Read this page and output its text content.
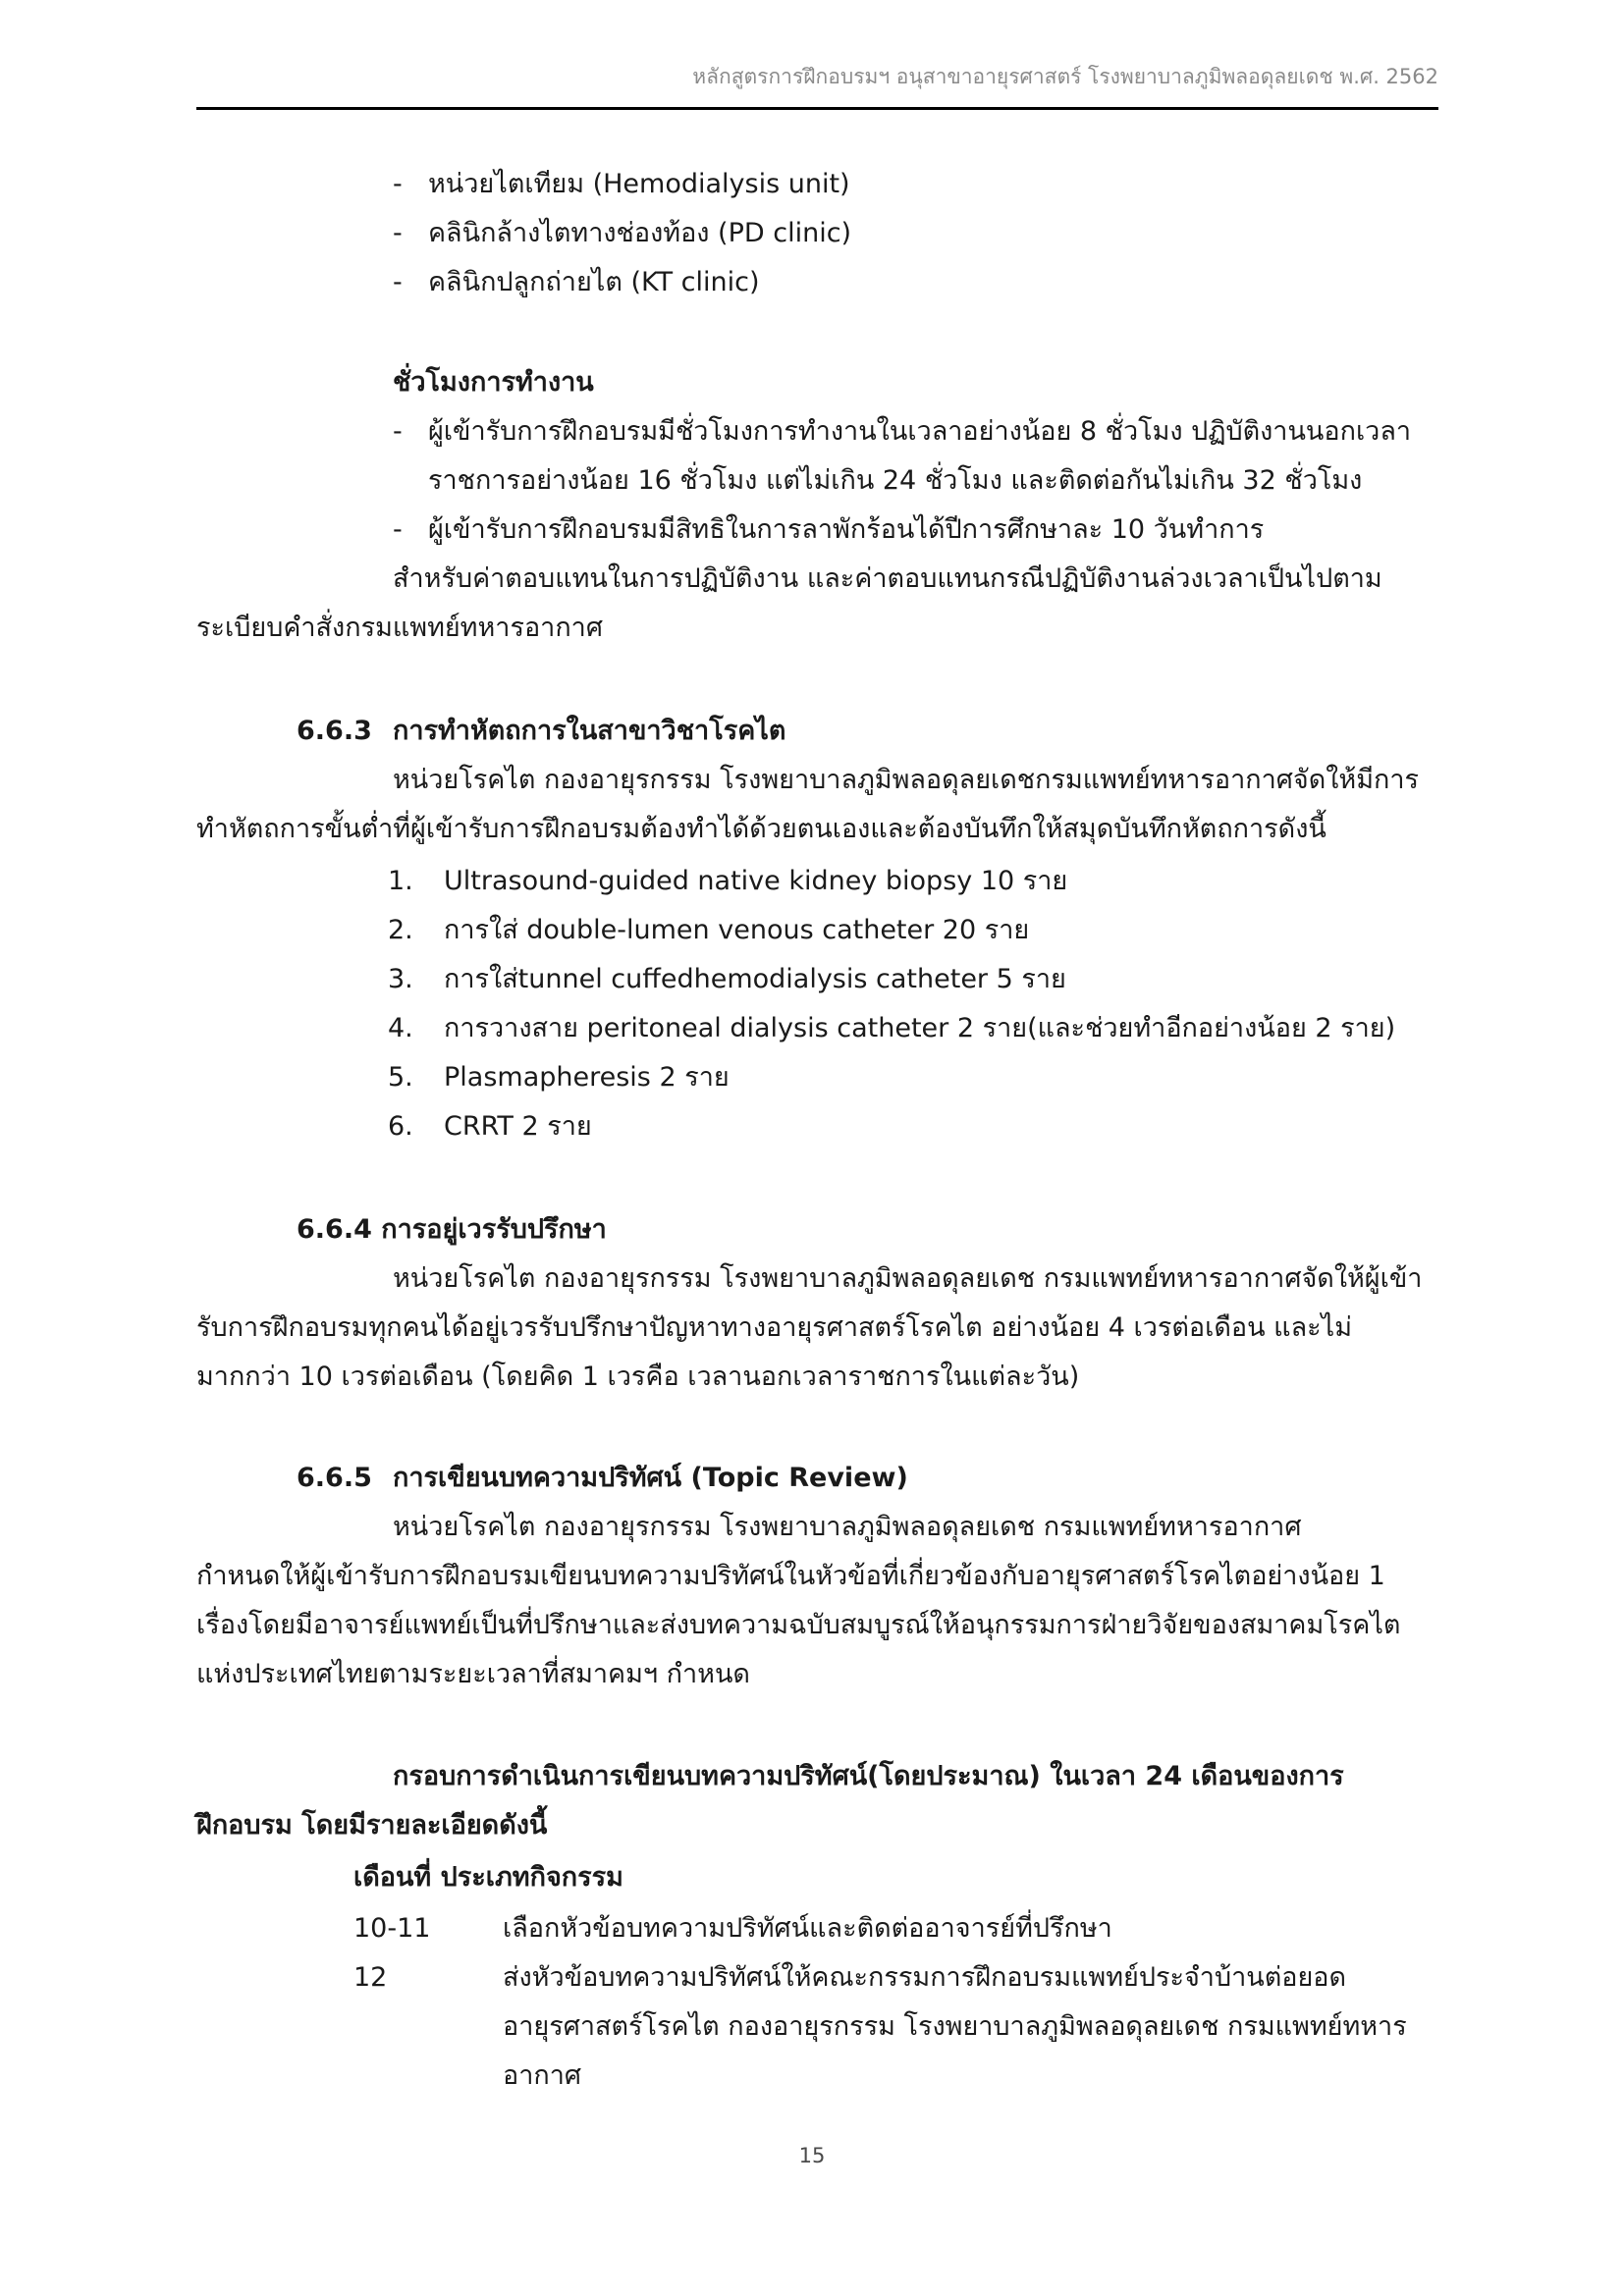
หลักสูตรการฝึกอบรมฯ อนุสาขาอายุรศาสตร์ โรงพยาบาลภูมิพลอดุลยเดช พ.ศ. 2562
- หน่วยไตเทียม (Hemodialysis unit)
- คลินิกล้างไตทางช่องท้อง (PD clinic)
- คลินิกปลูกถ่ายไต (KT clinic)
ชั่วโมงการทำงาน
- ผู้เข้ารับการฝึกอบรมมีชั่วโมงการทำงานในเวลาอย่างน้อย 8 ชั่วโมง ปฏิบัติงานนอกเวลา
ราชการอย่างน้อย 16 ชั่วโมง แต่ไม่เกิน 24 ชั่วโมง และติดต่อกันไม่เกิน 32 ชั่วโมง
- ผู้เข้ารับการฝึกอบรมมีสิทธิในการลาพักร้อนได้ปีการศึกษาละ 10 วันทำการ
สำหรับค่าตอบแทนในการปฏิบัติงาน และค่าตอบแทนกรณีปฏิบัติงานล่วงเวลาเป็นไปตาม
ระเบียบคำสั่งกรมแพทย์ทหารอากาศ
6.6.3 การทำหัตถการในสาขาวิชาโรคไต
หน่วยโรคไต กองอายุรกรรม โรงพยาบาลภูมิพลอดุลยเดชกรมแพทย์ทหารอากาศจัดให้มีการ
ทำหัตถการขั้นต่ำที่ผู้เข้ารับการฝึกอบรมต้องทำได้ด้วยตนเองและต้องบันทึกให้สมุดบันทึกหัตถการดังนี้
1. Ultrasound-guided native kidney biopsy 10 ราย
2. การใส่ double-lumen venous catheter 20 ราย
3. การใส่tunnel cuffedhemodialysis catheter 5 ราย
4. การวางสาย peritoneal dialysis catheter 2 ราย(และช่วยทำอีกอย่างน้อย 2 ราย)
5. Plasmapheresis 2 ราย
6. CRRT 2 ราย
6.6.4 การอยู่เวรรับปรึกษา
หน่วยโรคไต กองอายุรกรรม โรงพยาบาลภูมิพลอดุลยเดช กรมแพทย์ทหารอากาศจัดให้ผู้เข้า
รับการฝึกอบรมทุกคนได้อยู่เวรรับปรึกษาปัญหาทางอายุรศาสตร์โรคไต อย่างน้อย 4 เวรต่อเดือน และไม่
มากกว่า 10 เวรต่อเดือน (โดยคิด 1 เวรคือ เวลานอกเวลาราชการในแต่ละวัน)
6.6.5 การเขียนบทความปริทัศน์ (Topic Review)
หน่วยโรคไต กองอายุรกรรม โรงพยาบาลภูมิพลอดุลยเดช กรมแพทย์ทหารอากาศ
กำหนดให้ผู้เข้ารับการฝึกอบรมเขียนบทความปริทัศน์ในหัวข้อที่เกี่ยวข้องกับอายุรศาสตร์โรคไตอย่างน้อย 1
เรื่องโดยมีอาจารย์แพทย์เป็นที่ปรึกษาและส่งบทความฉบับสมบูรณ์ให้อนุกรรมการฝ่ายวิจัยของสมาคมโรคไต
แห่งประเทศไทยตามระยะเวลาที่สมาคมฯ กำหนด
กรอบการดำเนินการเขียนบทความปริทัศน์(โดยประมาณ) ในเวลา 24 เดือนของการ
ฝึกอบรม โดยมีรายละเอียดดังนี้
เดือนที่ ประเภทกิจกรรม
10-11	เลือกหัวข้อบทความปริทัศน์และติดต่ออาจารย์ที่ปรึกษา
12	ส่งหัวข้อบทความปริทัศน์ให้คณะกรรมการฝึกอบรมแพทย์ประจำบ้านต่อยอด
อายุรศาสตร์โรคไต กองอายุรกรรม โรงพยาบาลภูมิพลอดุลยเดช กรมแพทย์ทหาร
อากาศ
15
